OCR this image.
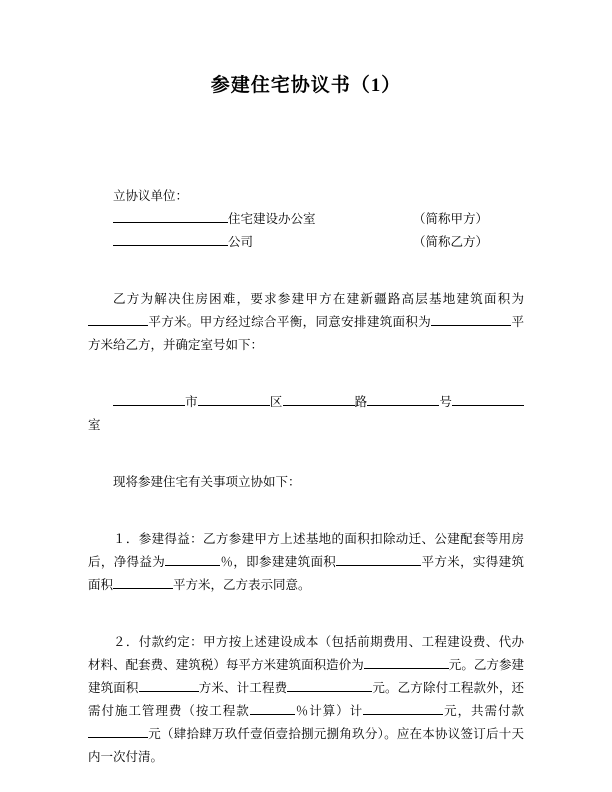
参建住宅协议书（1）

立协议单位：

住宅建设办公室	（简称甲方）
公司	（简称乙方）

乙方为解决住房困难，要求参建甲方在建新疆路高层基地建筑面积为平方米。甲方经过综合平衡，同意安排建筑面积为	平方米给乙方，并确定室号如下：

市	区	路	号室

现将参建住宅有关事项立协如下：

１．参建得益：乙方参建甲方上述基地的面积扣除动迁、公建配套等用房后，净得益为	％，即参建建筑面积	平方米，实得建筑面积	平方米，乙方表示同意。

２．付款约定：甲方按上述建设成本（包括前期费用、工程建设费、代办材料、配套费、建筑税）每平方米建筑面积造价为	元。乙方参建建筑面积	方米、计工程费	元。乙方除付工程款外，还需付施工管理费（按工程款	％计算）计	元，共需付款元（肆拾肆万玖仟壹佰壹拾捌元捌角玖分）。应在本协议签订后十天内一次付清。
